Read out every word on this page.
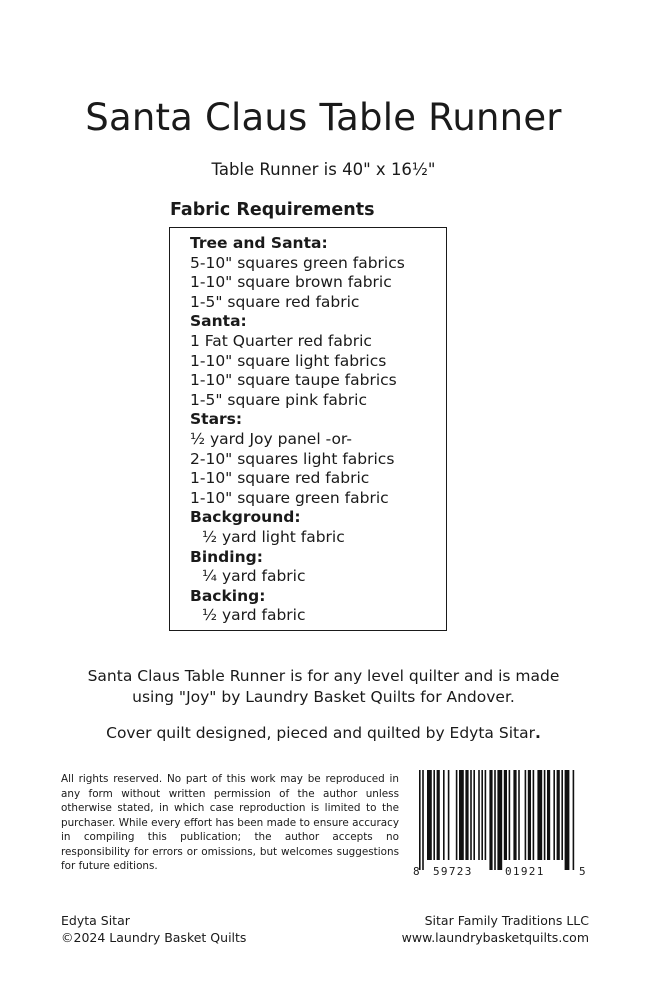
Santa Claus Table Runner
Table Runner is 40" x 16½"
Fabric Requirements
Tree and Santa:
5-10" squares green fabrics
1-10" square brown fabric
1-5" square red fabric
Santa:
1 Fat Quarter red fabric
1-10" square light fabrics
1-10" square taupe fabrics
1-5" square pink fabric
Stars:
½ yard Joy panel -or-
2-10" squares light fabrics
1-10" square red fabric
1-10" square green fabric
Background:
½ yard light fabric
Binding:
¼ yard fabric
Backing:
½ yard fabric
Santa Claus Table Runner is for any level quilter and is made
using "Joy" by Laundry Basket Quilts for Andover.
Cover quilt designed, pieced and quilted by Edyta Sitar.
All rights reserved. No part of this work may be reproduced in any form without written permission of the author unless otherwise stated, in which case reproduction is limited to the purchaser. While every effort has been made to ensure accuracy in compiling this publication; the author accepts no responsibility for errors or omissions, but welcomes suggestions for future editions.	8 59723	01921	5
Edyta Sitar
©2024 Laundry Basket Quilts
Sitar Family Traditions LLC
www.laundrybasketquilts.com
